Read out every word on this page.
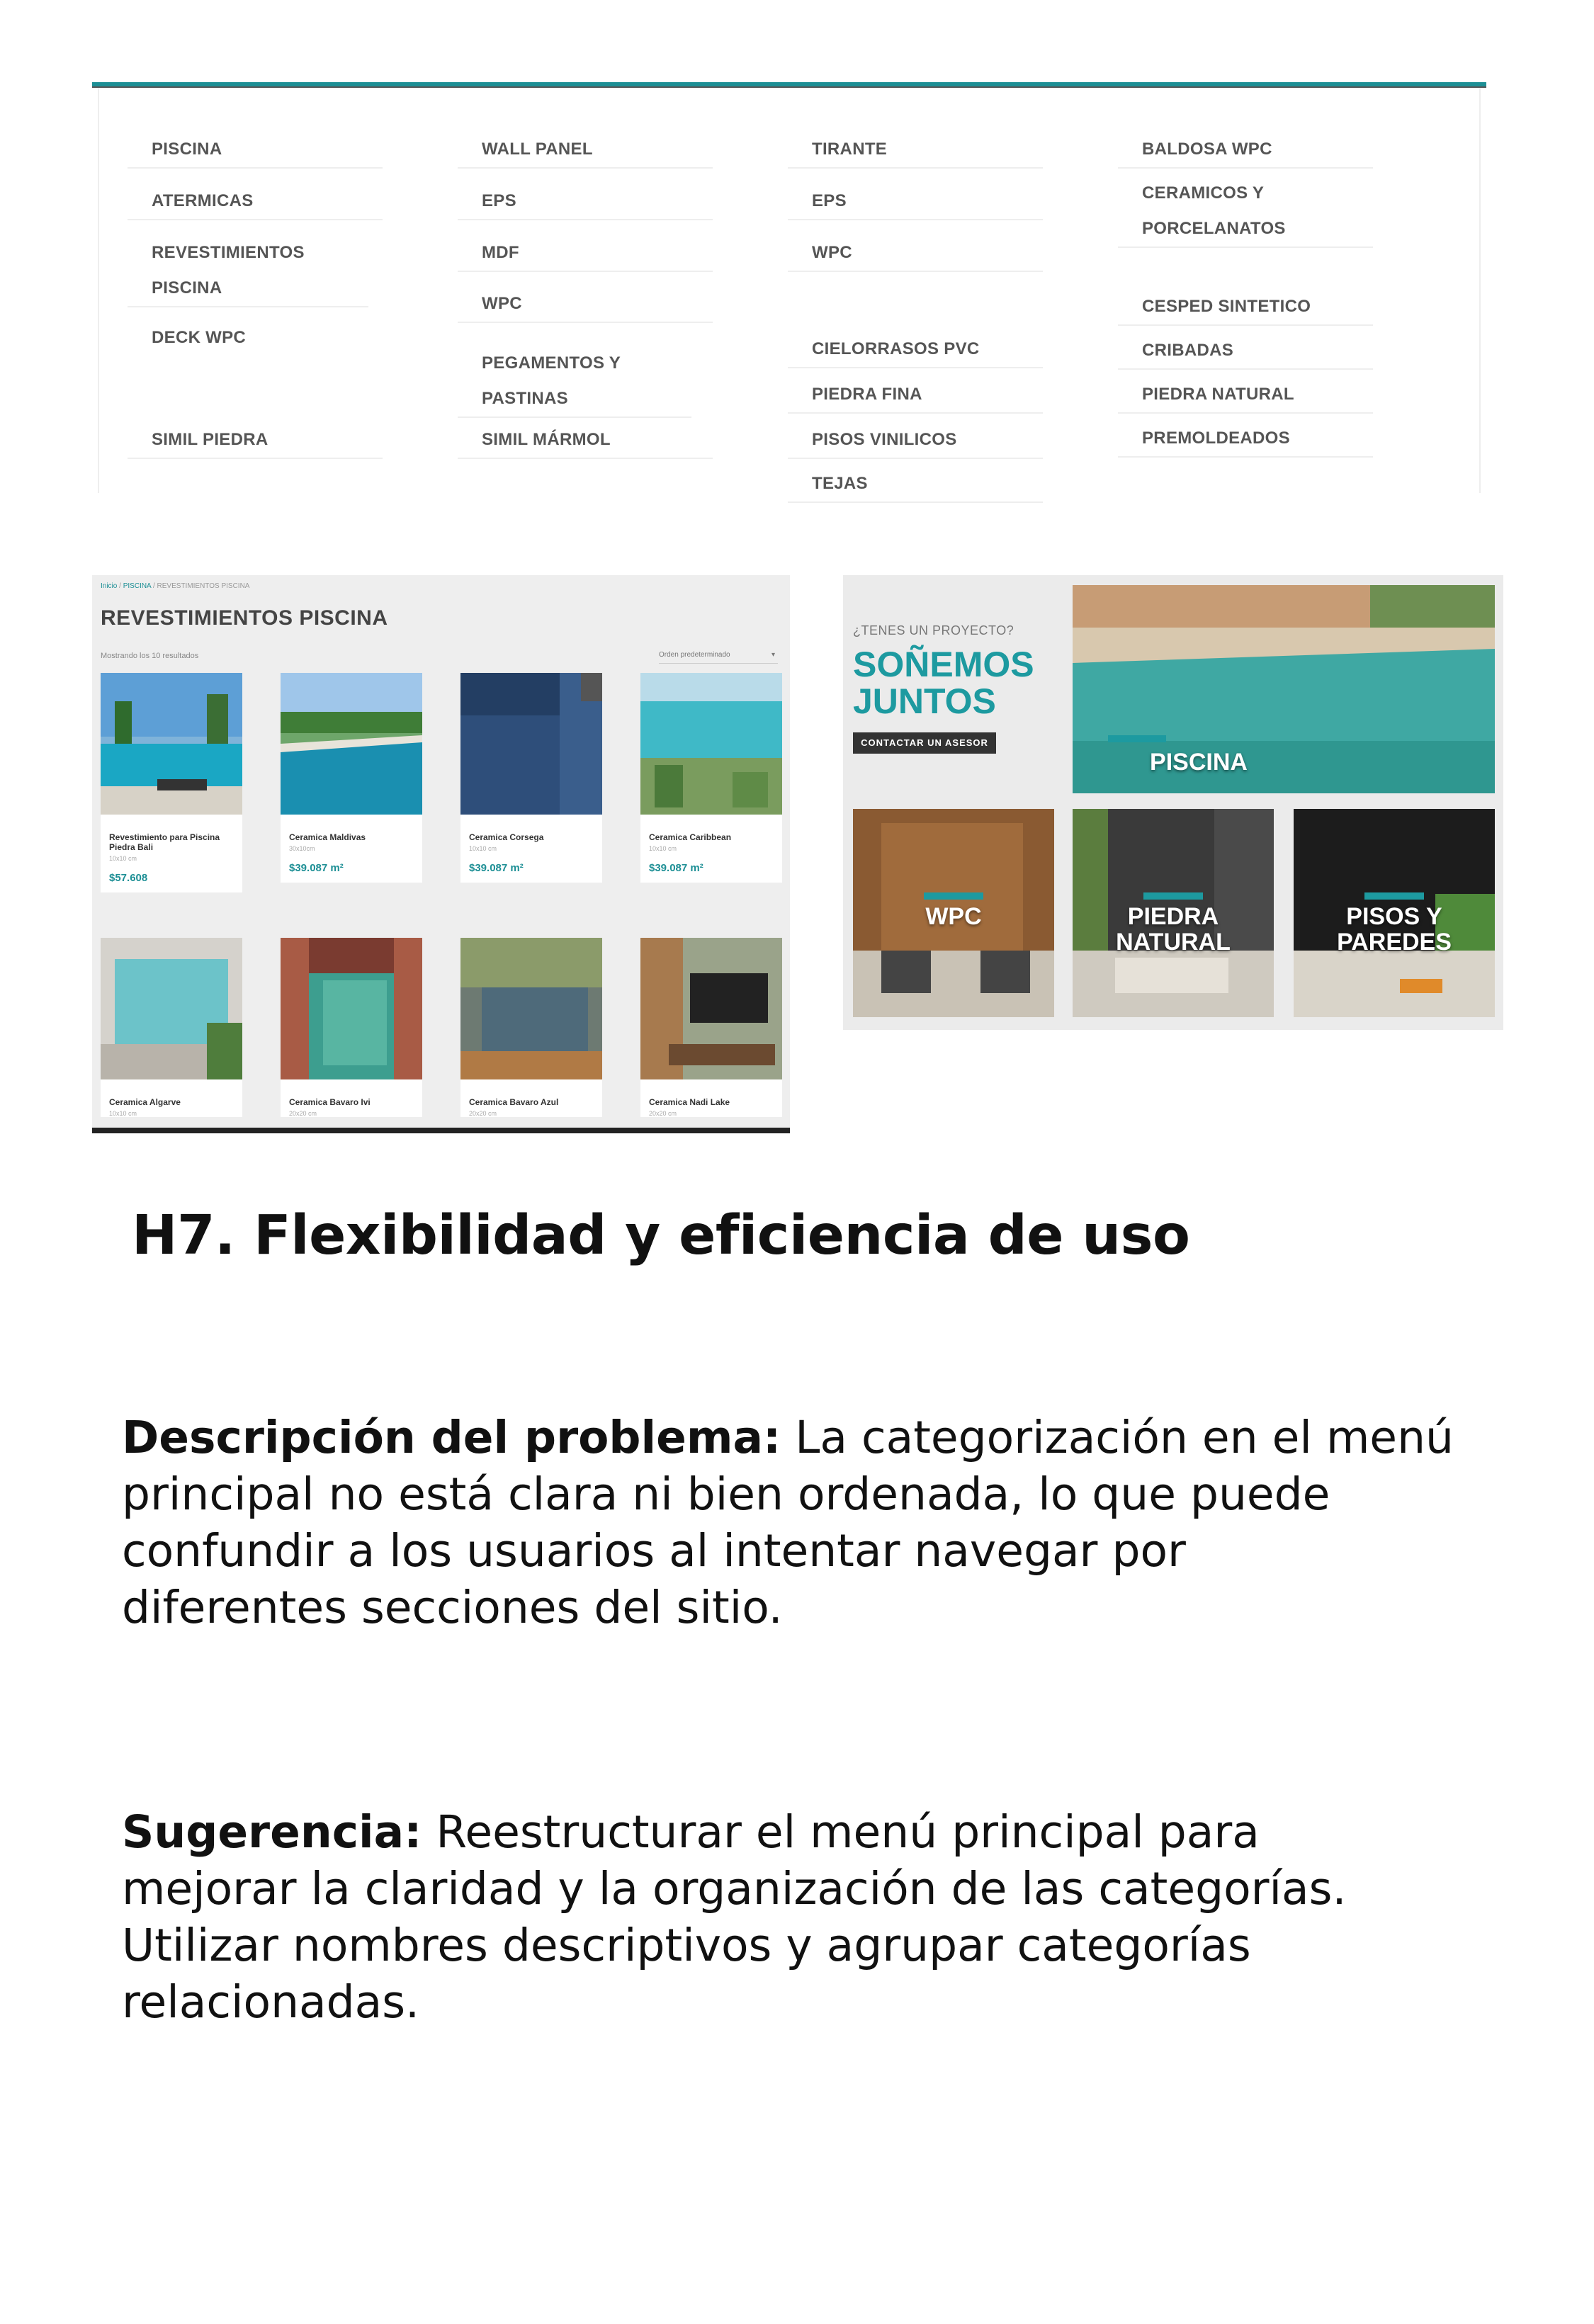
PISCINA
ATERMICAS
REVESTIMIENTOS PISCINA
DECK WPC
SIMIL PIEDRA
WALL PANEL
EPS
MDF
WPC
PEGAMENTOS Y PASTINAS
SIMIL MÁRMOL
TIRANTE
EPS
WPC
CIELORRASOS PVC
PIEDRA FINA
PISOS VINILICOS
TEJAS
BALDOSA WPC
CERAMICOS Y PORCELANATOS
CESPED SINTETICO
CRIBADAS
PIEDRA NATURAL
PREMOLDEADOS
Inicio / PISCINA / REVESTIMIENTOS PISCINA
REVESTIMIENTOS PISCINA
Mostrando los 10 resultados	Orden predeterminado ▾
Revestimiento para Piscina Piedra Bali
10x10 cm
$57.608
Ceramica Maldivas
30x10cm
$39.087 m²
Ceramica Corsega
10x10 cm
$39.087 m²
Ceramica Caribbean
10x10 cm
$39.087 m²
Ceramica Algarve
10x10 cm
Ceramica Bavaro Ivi
20x20 cm
Ceramica Bavaro Azul
20x20 cm
Ceramica Nadi Lake
20x20 cm
¿TENES UN PROYECTO?
SOÑEMOS
JUNTOS
CONTACTAR UN ASESOR
PISCINA
WPC	PIEDRA
NATURAL
PISOS Y
PAREDES
H7. Flexibilidad y eficiencia de uso
Descripción del problema: La categorización en el menú
principal no está clara ni bien ordenada, lo que puede
confundir a los usuarios al intentar navegar por
diferentes secciones del sitio.
Sugerencia: Reestructurar el menú principal para
mejorar la claridad y la organización de las categorías.
Utilizar nombres descriptivos y agrupar categorías
relacionadas.
